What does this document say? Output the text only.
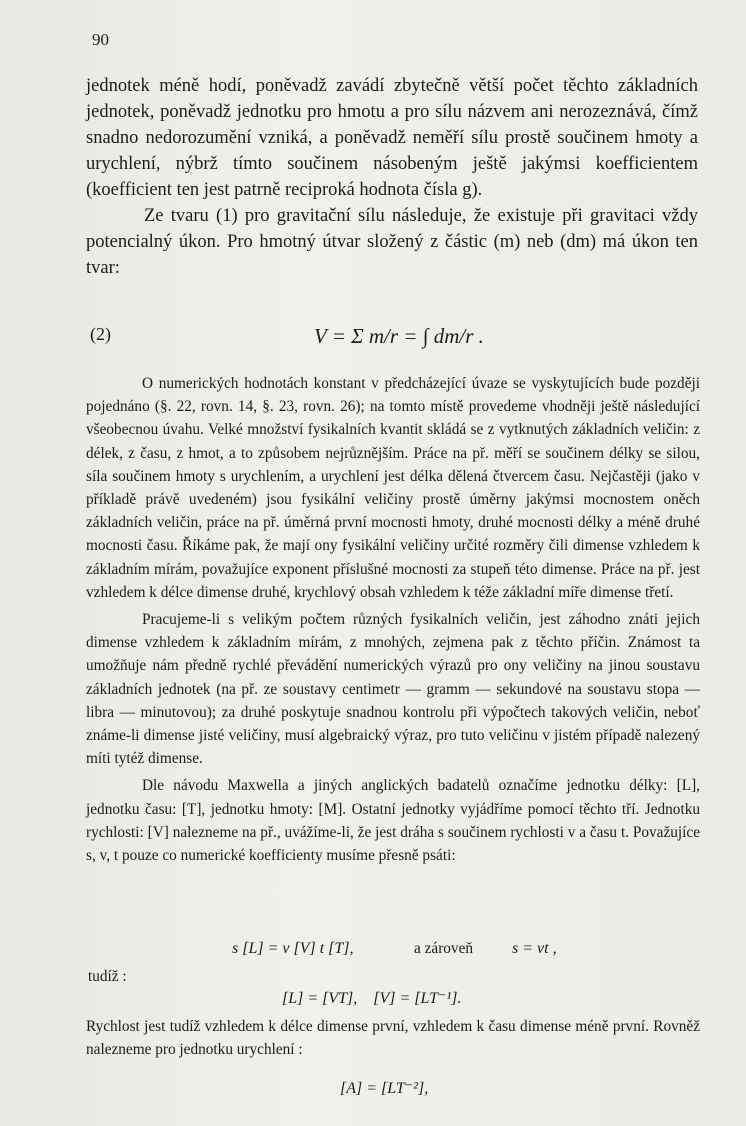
90

jednotek méně hodí, poněvadž zavádí zbytečně větší počet těchto základních jednotek, poněvadž jednotku pro hmotu a pro sílu názvem ani nerozeznává, čímž snadno nedorozumění vzniká, a poněvadž neměří sílu prostě součinem hmoty a urychlení, nýbrž tímto součinem násobeným ještě jakýmsi koefficientem (koefficient ten jest patrně reciproká hodnota čísla g).

Ze tvaru (1) pro gravitační sílu následuje, že existuje při gravitaci vždy potencialný úkon. Pro hmotný útvar složený z částic (m) neb (dm) má úkon ten tvar:

(2)	V = Σ m/r = ∫ dm/r .

O numerických hodnotách konstant v předcházející úvaze se vyskytujících bude později pojednáno (§. 22, rovn. 14, §. 23, rovn. 26); na tomto místě provedeme vhodněji ještě následující všeobecnou úvahu. Velké množství fysikalních kvantit skládá se z vytknutých základních veličin: z délek, z času, z hmot, a to způsobem nejrůznějším. Práce na př. měří se součinem délky se silou, síla součinem hmoty s urychlením, a urychlení jest délka dělená čtvercem času. Nejčastěji (jako v příkladě právě uvedeném) jsou fysikální veličiny prostě úměrny jakýmsi mocnostem oněch základních veličin, práce na př. úměrná první mocnosti hmoty, druhé mocnosti délky a méně druhé mocnosti času. Říkáme pak, že mají ony fysikální veličiny určité rozměry čili dimense vzhledem k základním mírám, považujíce exponent příslušné mocnosti za stupeň této dimense. Práce na př. jest vzhledem k délce dimense druhé, krychlový obsah vzhledem k téže základní míře dimense třetí.

Pracujeme-li s velikým počtem různých fysikalních veličin, jest záhodno znáti jejich dimense vzhledem k základním mírám, z mnohých, zejmena pak z těchto příčin. Známost ta umožňuje nám předně rychlé převádění numerických výrazů pro ony veličiny na jinou soustavu základních jednotek (na př. ze soustavy centimetr — gramm — sekundové na soustavu stopa — libra — minutovou); za druhé poskytuje snadnou kontrolu při výpočtech takových veličin, neboť známe-li dimense jisté veličiny, musí algebraický výraz, pro tuto veličinu v jistém případě nalezený míti tytéž dimense.

Dle návodu Maxwella a jiných anglických badatelů označíme jednotku délky: [L], jednotku času: [T], jednotku hmoty: [M]. Ostatní jednotky vyjádříme pomocí těchto tří. Jednotku rychlosti: [V] nalezneme na př., uvážíme-li, že jest dráha s součinem rychlosti v a času t. Považujíce s, v, t pouze co numerické koefficienty musíme přesně psáti:

s [L] = v [V] t [T],	a zároveň s = vt ,
tudíž :
[L] = [VT],    [V] = [LT⁻¹].

Rychlost jest tudíž vzhledem k délce dimense první, vzhledem k času dimense méně první. Rovněž nalezneme pro jednotku urychlení :

[A] = [LT⁻²],
